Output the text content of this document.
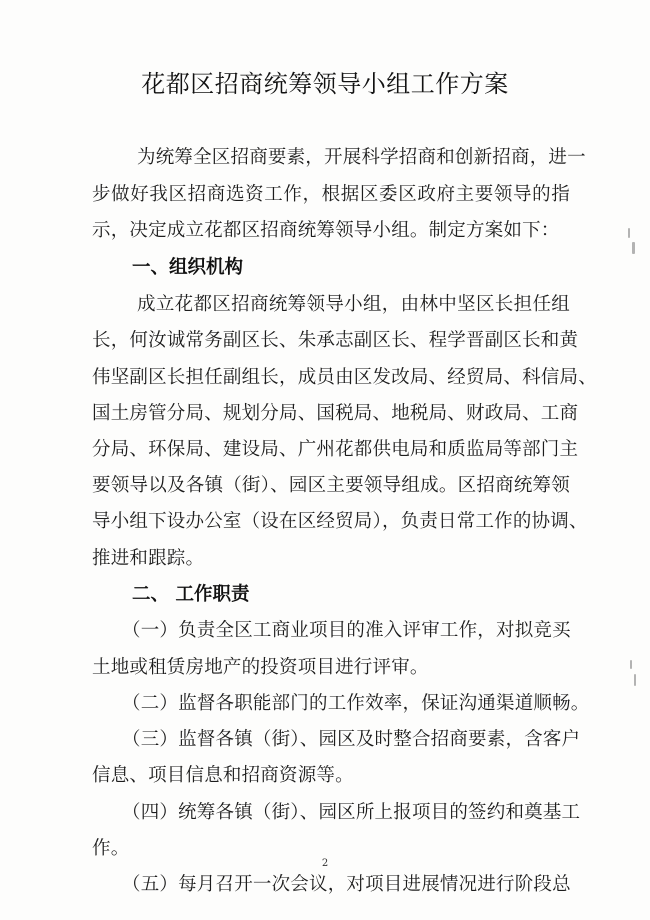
花都区招商统筹领导小组工作方案
为统筹全区招商要素，开展科学招商和创新招商，进一
步做好我区招商选资工作，根据区委区政府主要领导的指
示，决定成立花都区招商统筹领导小组。制定方案如下：
一、组织机构
成立花都区招商统筹领导小组，由林中坚区长担任组
长，何汝诚常务副区长、朱承志副区长、程学晋副区长和黄
伟坚副区长担任副组长，成员由区发改局、经贸局、科信局、
国土房管分局、规划分局、国税局、地税局、财政局、工商
分局、环保局、建设局、广州花都供电局和质监局等部门主
要领导以及各镇（街）、园区主要领导组成。区招商统筹领
导小组下设办公室（设在区经贸局），负责日常工作的协调、
推进和跟踪。
二、 工作职责
（一）负责全区工商业项目的准入评审工作，对拟竞买
土地或租赁房地产的投资项目进行评审。
（二）监督各职能部门的工作效率，保证沟通渠道顺畅。
（三）监督各镇（街）、园区及时整合招商要素，含客户
信息、项目信息和招商资源等。
（四）统筹各镇（街）、园区所上报项目的签约和奠基工
作。
（五）每月召开一次会议，对项目进展情况进行阶段总
2
